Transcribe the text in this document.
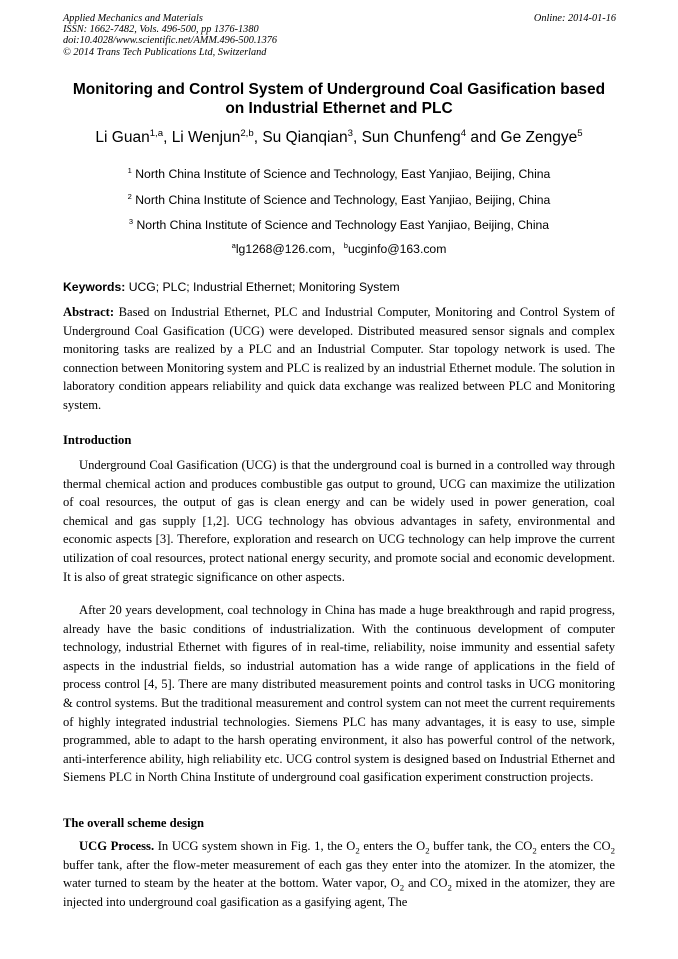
Applied Mechanics and Materials
ISSN: 1662-7482, Vols. 496-500, pp 1376-1380
doi:10.4028/www.scientific.net/AMM.496-500.1376
© 2014 Trans Tech Publications Ltd, Switzerland
Online: 2014-01-16
Monitoring and Control System of Underground Coal Gasification based
on Industrial Ethernet and PLC
Li Guan$^{1,a}$, Li Wenjun$^{2,b}$, Su Qianqian$^3$, Sun Chunfeng$^4$ and Ge Zengye$^5$
$^1$ North China Institute of Science and Technology, East Yanjiao, Beijing, China
$^2$ North China Institute of Science and Technology, East Yanjiao, Beijing, China
$^3$ North China Institute of Science and Technology East Yanjiao, Beijing, China
$^a$lg1268@126.com，$^b$ucginfo@163.com
Keywords: UCG; PLC; Industrial Ethernet; Monitoring System
Abstract: Based on Industrial Ethernet, PLC and Industrial Computer, Monitoring and Control System of Underground Coal Gasification (UCG) were developed. Distributed measured sensor signals and complex monitoring tasks are realized by a PLC and an Industrial Computer. Star topology network is used. The connection between Monitoring system and PLC is realized by an industrial Ethernet module. The solution in laboratory condition appears reliability and quick data exchange was realized between PLC and Monitoring system.
Introduction
Underground Coal Gasification (UCG) is that the underground coal is burned in a controlled way through thermal chemical action and produces combustible gas output to ground, UCG can maximize the utilization of coal resources, the output of gas is clean energy and can be widely used in power generation, coal chemical and gas supply [1,2]. UCG technology has obvious advantages in safety, environmental and economic aspects [3]. Therefore, exploration and research on UCG technology can help improve the current utilization of coal resources, protect national energy security, and promote social and economic development. It is also of great strategic significance on other aspects.
After 20 years development, coal technology in China has made a huge breakthrough and rapid progress, already have the basic conditions of industrialization. With the continuous development of computer technology, industrial Ethernet with figures of in real-time, reliability, noise immunity and essential safety aspects in the industrial fields, so industrial automation has a wide range of applications in the field of process control [4, 5]. There are many distributed measurement points and control tasks in UCG monitoring & control systems. But the traditional measurement and control system can not meet the current requirements of highly integrated industrial technologies. Siemens PLC has many advantages, it is easy to use, simple programmed, able to adapt to the harsh operating environment, it also has powerful control of the network, anti-interference ability, high reliability etc. UCG control system is designed based on Industrial Ethernet and Siemens PLC in North China Institute of underground coal gasification experiment construction projects.
The overall scheme design
UCG Process. In UCG system shown in Fig. 1, the $O_2$ enters the $O_2$ buffer tank, the $CO_2$ enters the $CO_2$ buffer tank, after the flow-meter measurement of each gas they enter into the atomizer. In the atomizer, the water turned to steam by the heater at the bottom. Water vapor, $O_2$ and $CO_2$ mixed in the atomizer, they are injected into underground coal gasification as a gasifying agent, The
